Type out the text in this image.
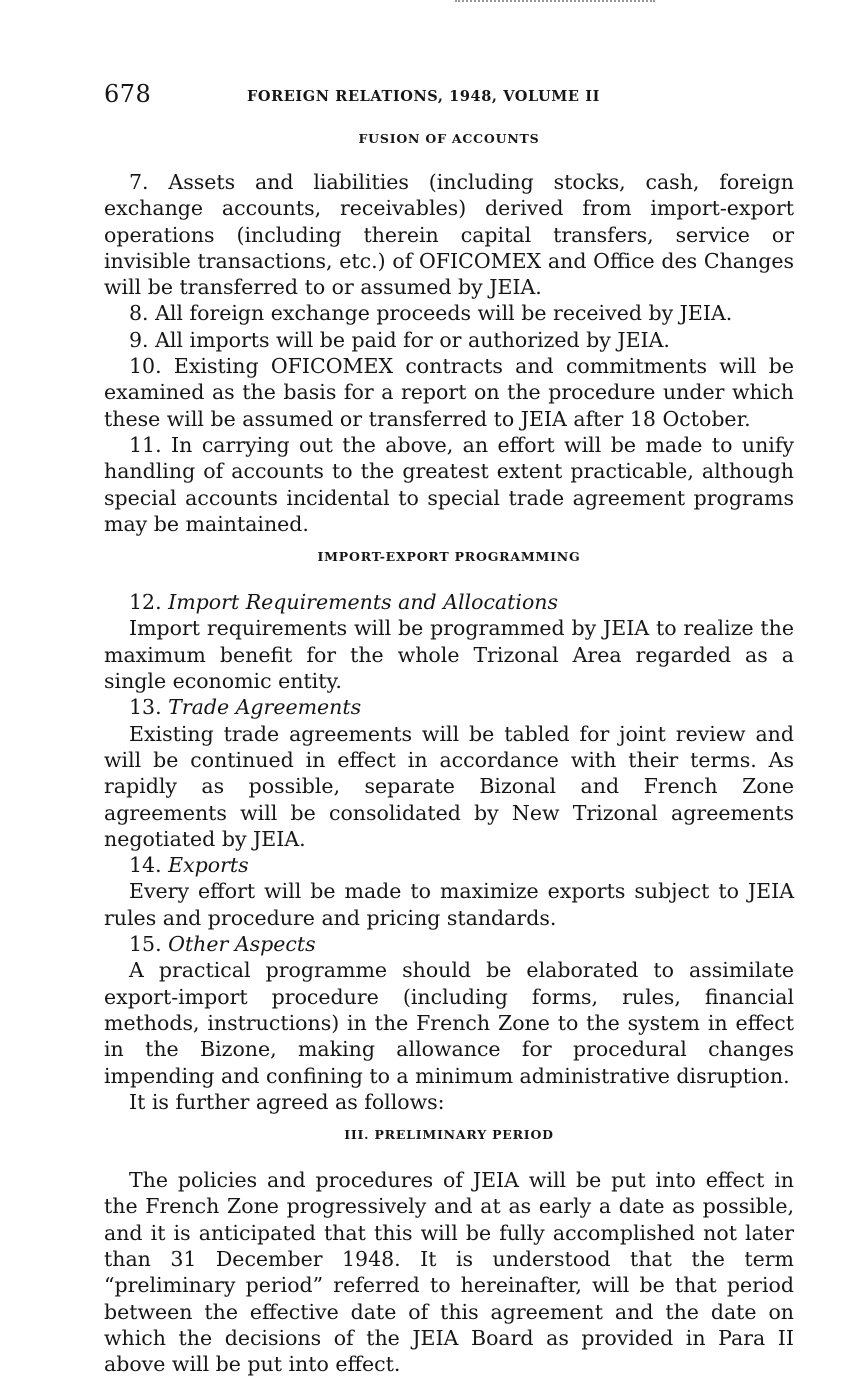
678	FOREIGN RELATIONS, 1948, VOLUME II
FUSION OF ACCOUNTS

7. Assets and liabilities (including stocks, cash, foreign exchange accounts, receivables) derived from import-export operations (including therein capital transfers, service or invisible transactions, etc.) of OFICOMEX and Office des Changes will be transferred to or assumed by JEIA.

8. All foreign exchange proceeds will be received by JEIA.

9. All imports will be paid for or authorized by JEIA.

10. Existing OFICOMEX contracts and commitments will be examined as the basis for a report on the procedure under which these will be assumed or transferred to JEIA after 18 October.

11. In carrying out the above, an effort will be made to unify handling of accounts to the greatest extent practicable, although special accounts incidental to special trade agreement programs may be maintained.

IMPORT-EXPORT PROGRAMMING

12. Import Requirements and Allocations

Import requirements will be programmed by JEIA to realize the maximum benefit for the whole Trizonal Area regarded as a single economic entity.

13. Trade Agreements

Existing trade agreements will be tabled for joint review and will be continued in effect in accordance with their terms. As rapidly as possible, separate Bizonal and French Zone agreements will be consolidated by New Trizonal agreements negotiated by JEIA.

14. Exports

Every effort will be made to maximize exports subject to JEIA rules and procedure and pricing standards.

15. Other Aspects

A practical programme should be elaborated to assimilate export-import procedure (including forms, rules, financial methods, instructions) in the French Zone to the system in effect in the Bizone, making allowance for procedural changes impending and confining to a minimum administrative disruption.

It is further agreed as follows:

III. PRELIMINARY PERIOD

The policies and procedures of JEIA will be put into effect in the French Zone progressively and at as early a date as possible, and it is anticipated that this will be fully accomplished not later than 31 December 1948. It is understood that the term “preliminary period” referred to hereinafter, will be that period between the effective date of this agreement and the date on which the decisions of the JEIA Board as provided in Para II above will be put into effect.
